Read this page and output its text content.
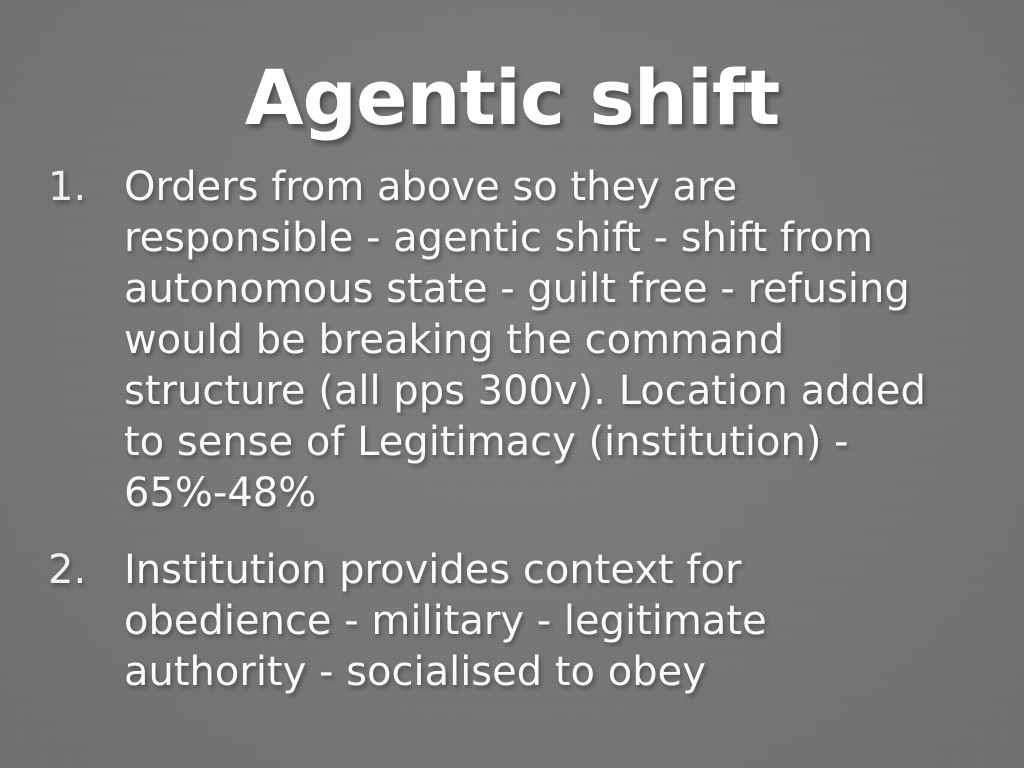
Agentic shift
1. Orders from above so they are responsible - agentic shift - shift from autonomous state - guilt free - refusing would be breaking the command structure (all pps 300v). Location added to sense of Legitimacy (institution) - 65%-48%
2. Institution provides context for obedience - military - legitimate authority - socialised to obey
